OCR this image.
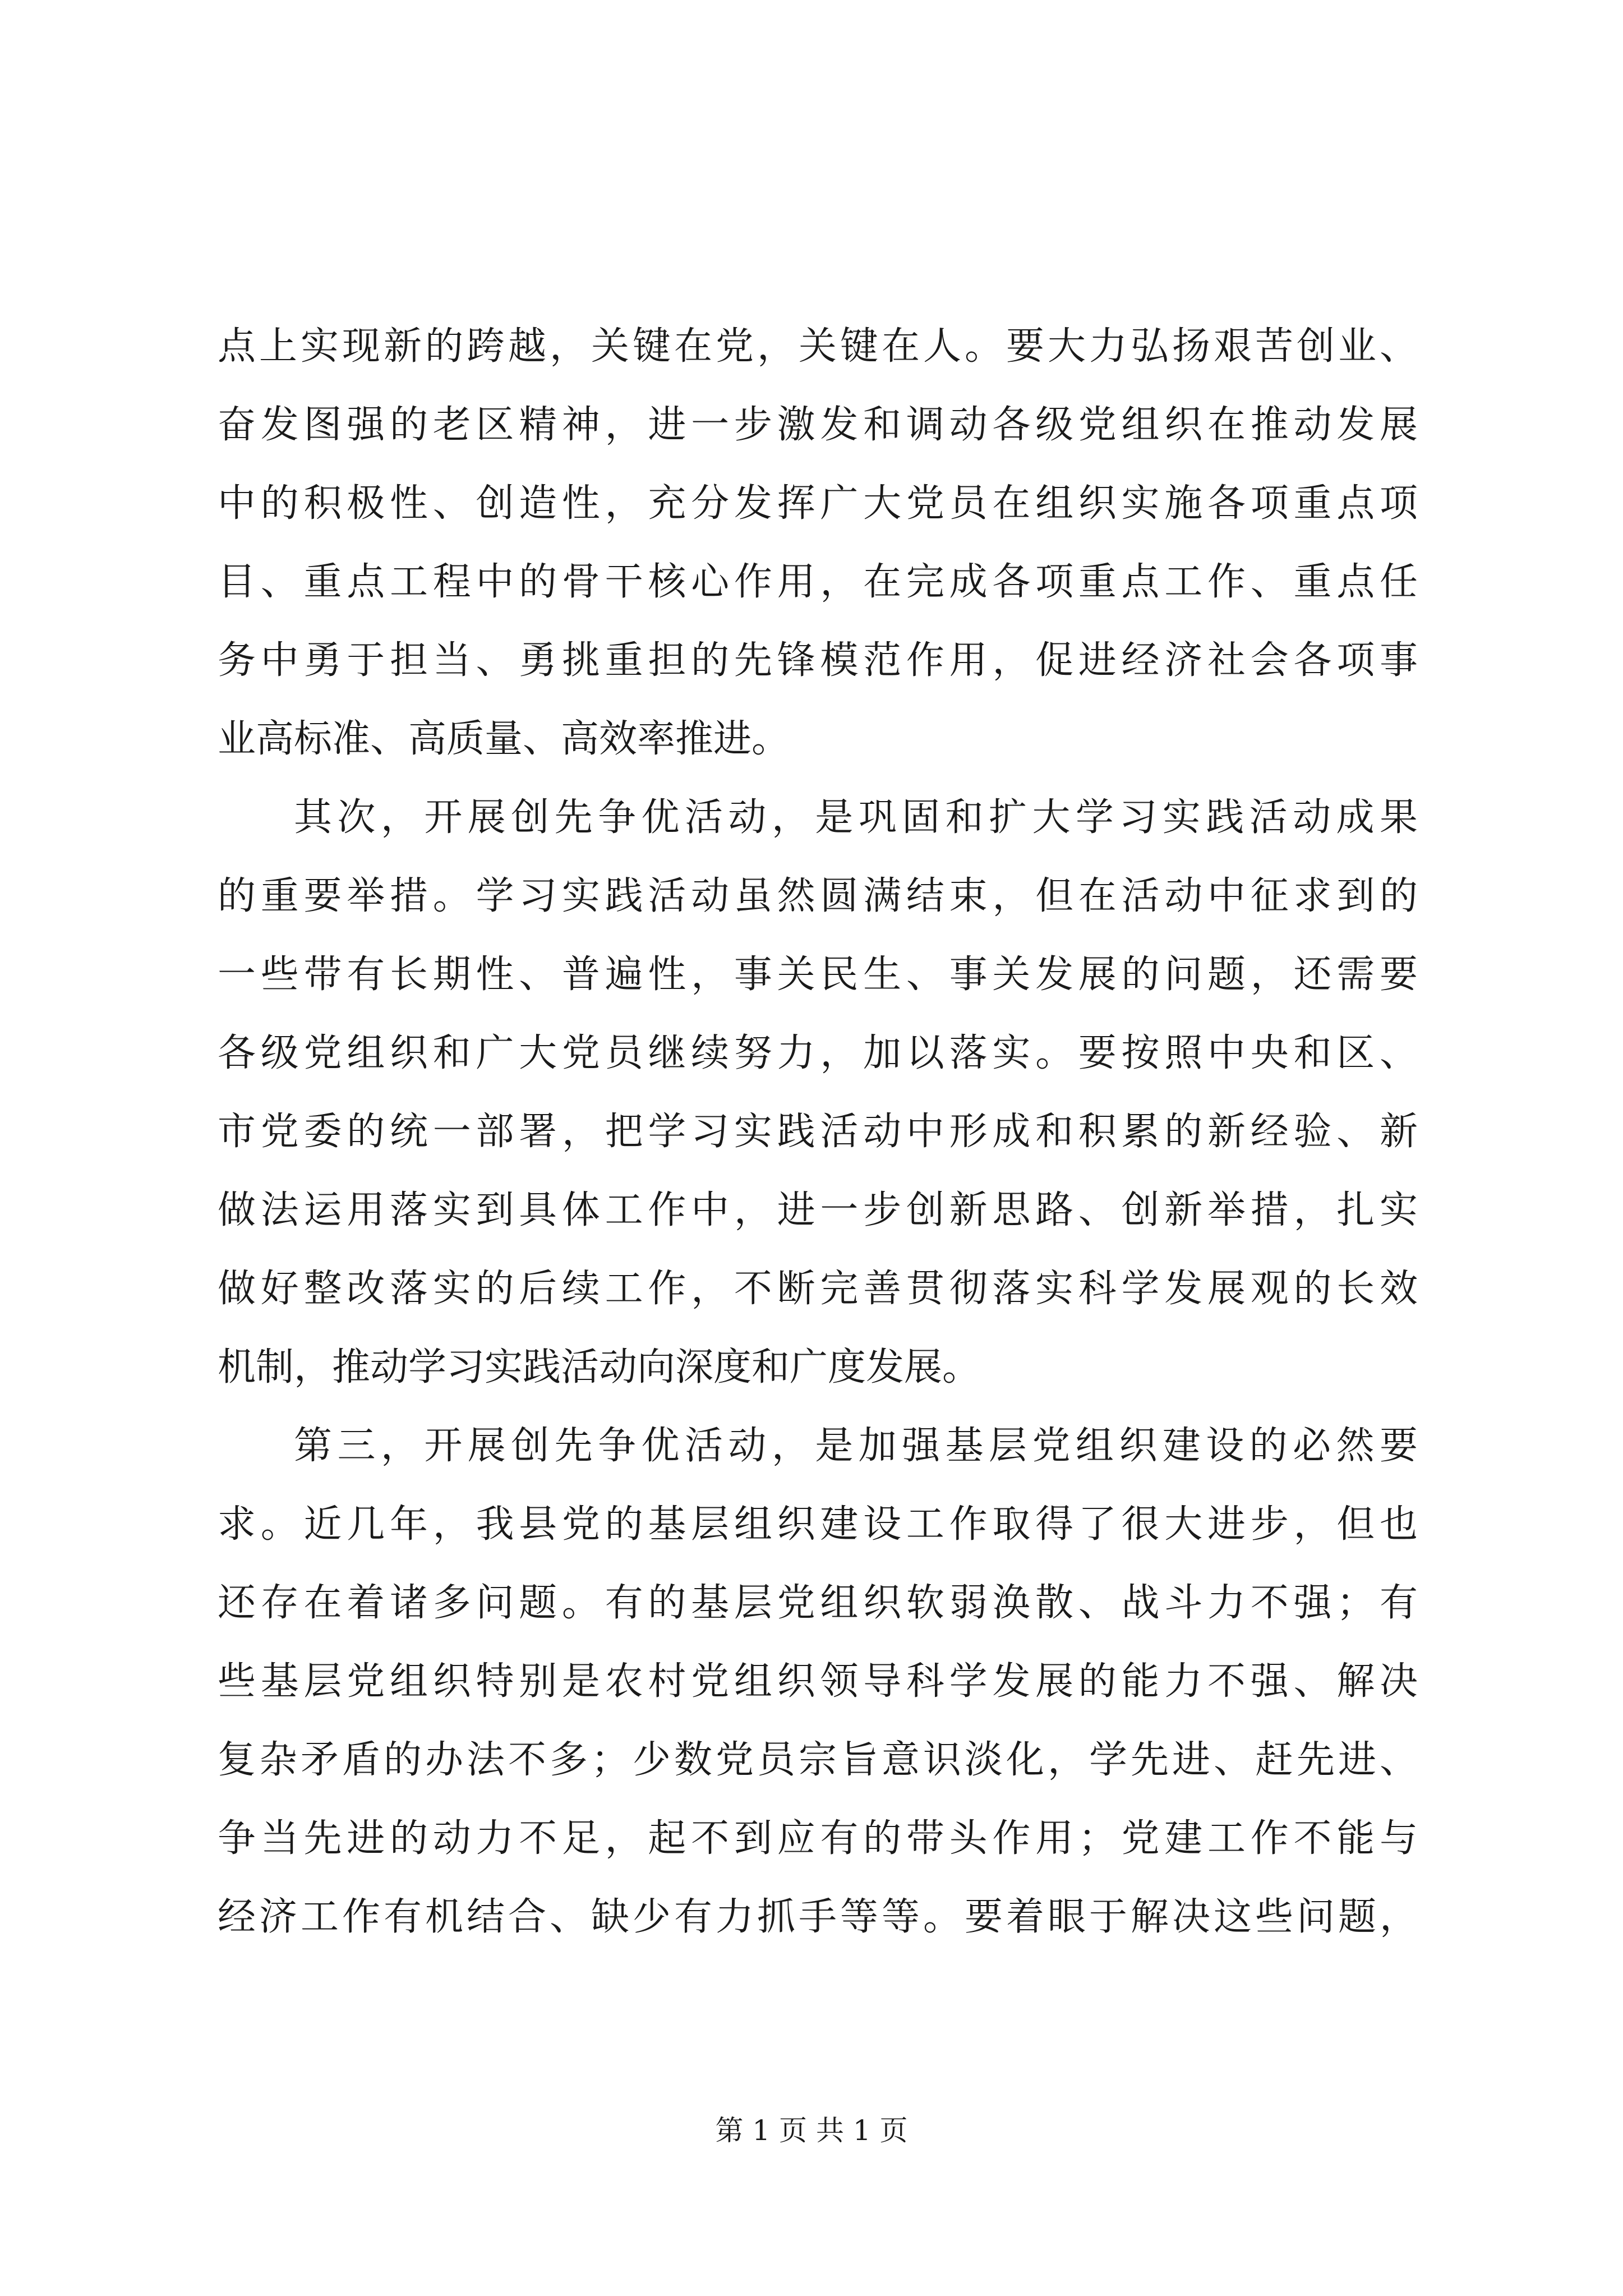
点上实现新的跨越，关键在党，关键在人。要大力弘扬艰苦创业、
奋发图强的老区精神，进一步激发和调动各级党组织在推动发展
中的积极性、创造性，充分发挥广大党员在组织实施各项重点项
目、重点工程中的骨干核心作用，在完成各项重点工作、重点任
务中勇于担当、勇挑重担的先锋模范作用，促进经济社会各项事
业高标准、高质量、高效率推进。
其次，开展创先争优活动，是巩固和扩大学习实践活动成果
的重要举措。学习实践活动虽然圆满结束，但在活动中征求到的
一些带有长期性、普遍性，事关民生、事关发展的问题，还需要
各级党组织和广大党员继续努力，加以落实。要按照中央和区、
市党委的统一部署，把学习实践活动中形成和积累的新经验、新
做法运用落实到具体工作中，进一步创新思路、创新举措，扎实
做好整改落实的后续工作，不断完善贯彻落实科学发展观的长效
机制，推动学习实践活动向深度和广度发展。
第三，开展创先争优活动，是加强基层党组织建设的必然要
求。近几年，我县党的基层组织建设工作取得了很大进步，但也
还存在着诸多问题。有的基层党组织软弱涣散、战斗力不强；有
些基层党组织特别是农村党组织领导科学发展的能力不强、解决
复杂矛盾的办法不多；少数党员宗旨意识淡化，学先进、赶先进、
争当先进的动力不足，起不到应有的带头作用；党建工作不能与
经济工作有机结合、缺少有力抓手等等。要着眼于解决这些问题，
第 1 页 共 1 页
